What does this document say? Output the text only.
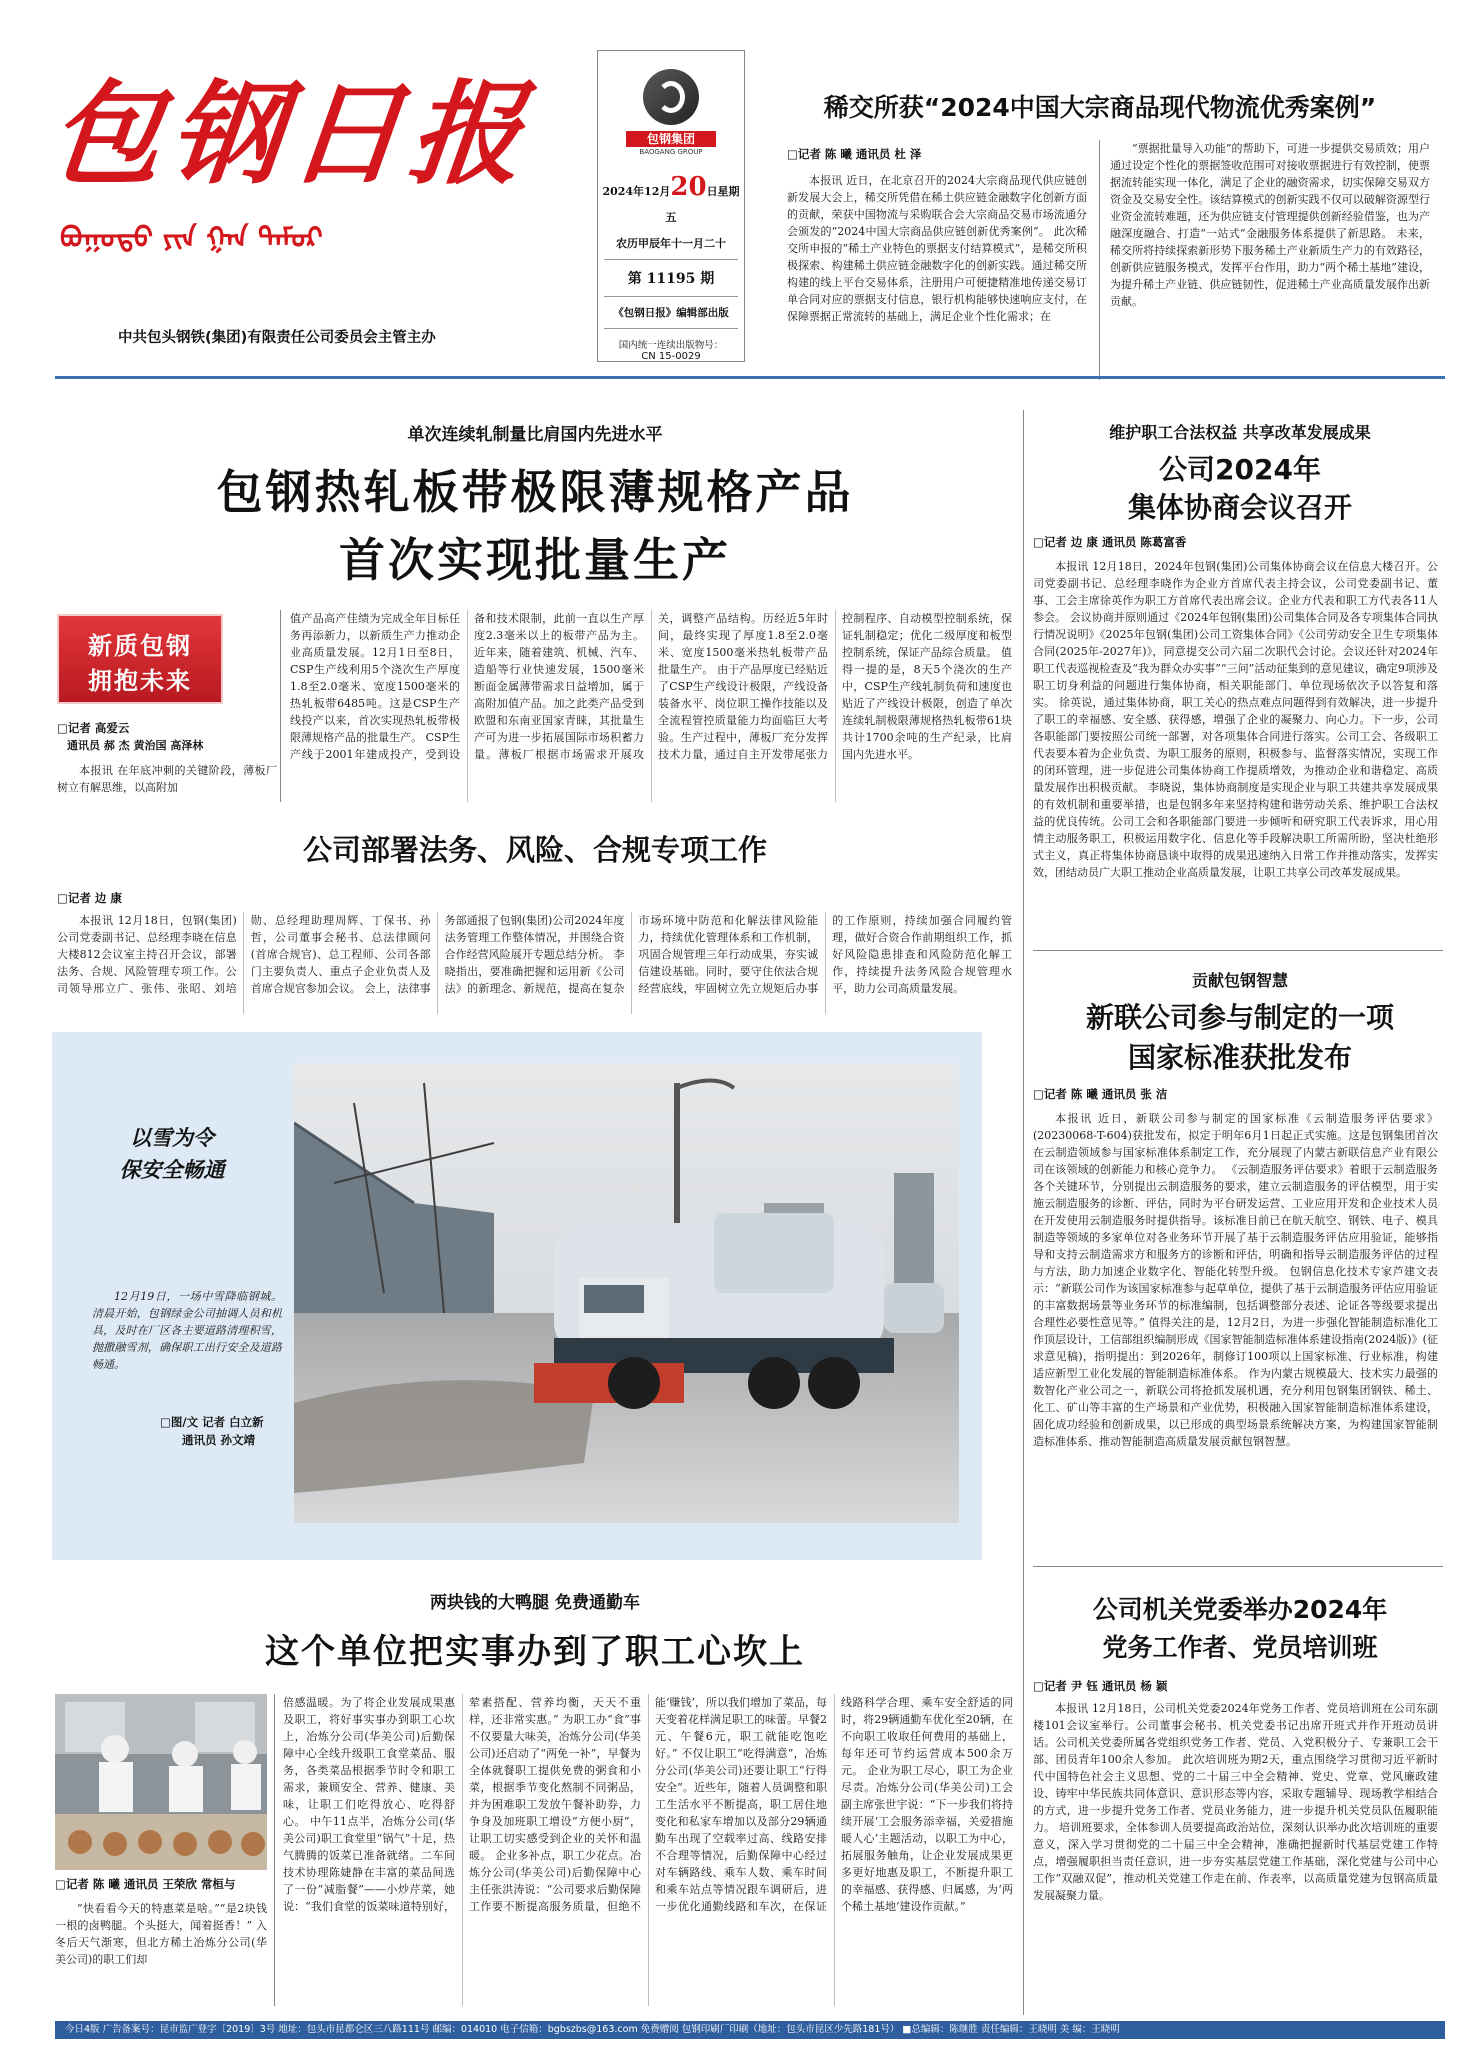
包钢日报
ᠪᠤᠭᠤᠲᠤ ᠶᠢᠨ ᠭᠠᠨ ᠲᠡᠮᠦᠷ
中共包头钢铁(集团)有限责任公司委员会主管主办
包钢集团
BAOGANG GROUP
2024年12月20日星期五
农历甲辰年十一月二十
第 11195 期
《包钢日报》编辑部出版
国内统一连续出版物号：
CN 15-0029
稀交所获“2024中国大宗商品现代物流优秀案例”
□记者 陈 曦 通讯员 杜 泽

本报讯 近日，在北京召开的2024大宗商品现代供应链创新发展大会上，稀交所凭借在稀土供应链金融数字化创新方面的贡献，荣获中国物流与采购联合会大宗商品交易市场流通分会颁发的“2024中国大宗商品供应链创新优秀案例”。 此次稀交所申报的“稀土产业特色的票据支付结算模式”，是稀交所积极探索、构建稀土供应链金融数字化的创新实践。通过稀交所构建的线上平台交易体系，注册用户可便捷精准地传递交易订单合同对应的票据支付信息，银行机构能够快速响应支付，在保障票据正常流转的基础上，满足企业个性化需求；在

“票据批量导入功能”的帮助下，可进一步提供交易质效；用户通过设定个性化的票据签收范围可对接收票据进行有效控制，使票据流转能实现一体化，满足了企业的融资需求，切实保障交易双方资金及交易安全性。该结算模式的创新实践不仅可以破解资源型行业资金流转难题，还为供应链支付管理提供创新经验借鉴，也为产融深度融合、打造“一站式”金融服务体系提供了新思路。 未来，稀交所将持续探索新形势下服务稀土产业新质生产力的有效路径，创新供应链服务模式，发挥平台作用，助力“两个稀土基地”建设，为提升稀土产业链、供应链韧性，促进稀土产业高质量发展作出新贡献。

单次连续轧制量比肩国内先进水平
包钢热轧板带极限薄规格产品
首次实现批量生产
新质包钢
拥抱未来
□记者 高爱云
通讯员 郝 杰 黄治国 高泽林

本报讯 在年底冲刺的关键阶段，薄板厂树立有解思维，以高附加

值产品高产佳绩为完成全年目标任务再添新力，以新质生产力推动企业高质量发展。12月1日至8日，CSP生产线利用5个浇次生产厚度1.8至2.0毫米、宽度1500毫米的热轧板带6485吨。这是CSP生产线投产以来，首次实现热轧板带极限薄规格产品的批量生产。 CSP生产线于2001年建成投产，受到设备和技术限制，此前一直以生产厚度2.3毫米以上的板带产品为主。近年来，随着建筑、机械、汽车、造船等行业快速发展，1500毫米断面金属薄带需求日益增加，属于高附加值产品。加之此类产品受到欧盟和东南亚国家青睐，其批量生产可为进一步拓展国际市场积蓄力量。薄板厂根据市场需求开展攻关，调整产品结构。历经近5年时间，最终实现了厚度1.8至2.0毫米、宽度1500毫米热轧板带产品批量生产。 由于产品厚度已经贴近了CSP生产线设计极限，产线设备装备水平、岗位职工操作技能以及全流程管控质量能力均面临巨大考验。生产过程中，薄板厂充分发挥技术力量，通过自主开发带尾张力控制程序、自动模型控制系统，保证轧制稳定；优化二级厚度和板型控制系统，保证产品综合质量。 值得一提的是，8天5个浇次的生产中，CSP生产线轧制负荷和速度也贴近了产线设计极限，创造了单次连续轧制极限薄规格热轧板带61块共计1700余吨的生产纪录，比肩国内先进水平。

公司部署法务、风险、合规专项工作
□记者 边 康

本报讯 12月18日，包钢(集团)公司党委副书记、总经理李晓在信息大楼812会议室主持召开会议，部署法务、合规、风险管理专项工作。公司领导邢立广、张伟、张昭、刘培勋、总经理助理周辉、丁保书、孙哲，公司董事会秘书、总法律顾问(首席合规官)、总工程师、公司各部门主要负责人、重点子企业负责人及首席合规官参加会议。 会上，法律事务部通报了包钢(集团)公司2024年度法务管理工作整体情况，并围绕合资合作经营风险展开专题总结分析。 李晓指出，要准确把握和运用新《公司法》的新理念、新规范，提高在复杂市场环境中防范和化解法律风险能力，持续优化管理体系和工作机制，巩固合规管理三年行动成果，夯实诚信建设基础。同时，要守住依法合规经营底线，牢固树立先立规矩后办事的工作原则，持续加强合同履约管理，做好合资合作前期组织工作，抓好风险隐患排查和风险防范化解工作，持续提升法务风险合规管理水平，助力公司高质量发展。

以雪为令
保安全畅通

12月19日，一场中雪降临钢城。清晨开始，包钢绿金公司抽调人员和机具，及时在厂区各主要道路清理积雪，抛撒融雪剂，确保职工出行安全及道路畅通。

□图/文 记者 白立新
通讯员 孙文靖
两块钱的大鸭腿 免费通勤车
这个单位把实事办到了职工心坎上
□记者 陈 曦 通讯员 王荣欣 常桓与

“快看看今天的特惠菜是啥。”“是2块钱一根的卤鸭腿。个头挺大，闻着挺香！” 入冬后天气渐寒，但北方稀土冶炼分公司(华美公司)的职工们却

倍感温暖。为了将企业发展成果惠及职工，将好事实事办到职工心坎上，冶炼分公司(华美公司)后勤保障中心全线升级职工食堂菜品、服务，各类菜品根据季节时令和职工需求，兼顾安全、营养、健康、美味，让职工们吃得放心、吃得舒心。 中午11点半，冶炼分公司(华美公司)职工食堂里“锅气”十足，热气腾腾的饭菜已准备就绪。二车间技术协理陈婕静在丰富的菜品间选了一份“减脂餐”——小炒芹菜，她说：“我们食堂的饭菜味道特别好，荤素搭配、营养均衡，天天不重样，还非常实惠。” 为职工办“食”事不仅要量大味美，冶炼分公司(华美公司)还启动了“两免一补”，早餐为全体就餐职工提供免费的粥食和小菜，根据季节变化熬制不同粥品，并为困难职工发放午餐补助券，力争身及加班职工增设“方便小厨”，让职工切实感受到企业的关怀和温暖。 企业多补点，职工少花点。冶炼分公司(华美公司)后勤保障中心主任张洪涛说：“公司要求后勤保障工作要不断提高服务质量，但绝不能‘赚钱’，所以我们增加了菜品，每天变着花样满足职工的味蕾。早餐2元、午餐6元，职工就能吃饱吃好。” 不仅让职工“吃得满意”，冶炼分公司(华美公司)还要让职工“行得安全”。近些年，随着人员调整和职工生活水平不断提高，职工居住地变化和私家车增加以及部分29辆通勤车出现了空载率过高、线路安排不合理等情况，后勤保障中心经过对车辆路线、乘车人数、乘车时间和乘车站点等情况跟车调研后，进一步优化通勤线路和车次，在保证线路科学合理、乘车安全舒适的同时，将29辆通勤车优化至20辆，在不向职工收取任何费用的基础上，每年还可节约运营成本500余万元。 企业为职工尽心，职工为企业尽责。冶炼分公司(华美公司)工会副主席张世宇说：“下一步我们将持续开展‘工会服务添幸福，关爱措施暖人心’主题活动，以职工为中心，拓展服务触角，让企业发展成果更多更好地惠及职工，不断提升职工的幸福感、获得感、归属感，为‘两个稀土基地’建设作贡献。”

维护职工合法权益 共享改革发展成果
公司2024年
集体协商会议召开
□记者 边 康 通讯员 陈葛富香

本报讯 12月18日，2024年包钢(集团)公司集体协商会议在信息大楼召开。公司党委副书记、总经理李晓作为企业方首席代表主持会议，公司党委副书记、董事、工会主席徐英作为职工方首席代表出席会议。企业方代表和职工方代表各11人参会。 会议协商并原则通过《2024年包钢(集团)公司集体合同及各专项集体合同执行情况说明》《2025年包钢(集团)公司工资集体合同》《公司劳动安全卫生专项集体合同(2025年-2027年)》，同意提交公司六届二次职代会讨论。会议还针对2024年职工代表巡视检查及“我为群众办实事”“三问”活动征集到的意见建议，确定9项涉及职工切身利益的问题进行集体协商，相关职能部门、单位现场依次予以答复和落实。 徐英说，通过集体协商，职工关心的热点难点问题得到有效解决，进一步提升了职工的幸福感、安全感、获得感，增强了企业的凝聚力、向心力。下一步，公司各职能部门要按照公司统一部署，对各项集体合同进行落实。公司工会、各级职工代表要本着为企业负责、为职工服务的原则，积极参与、监督落实情况，实现工作的闭环管理，进一步促进公司集体协商工作提质增效，为推动企业和谐稳定、高质量发展作出积极贡献。 李晓说，集体协商制度是实现企业与职工共建共享发展成果的有效机制和重要举措，也是包钢多年来坚持构建和谐劳动关系、维护职工合法权益的优良传统。公司工会和各职能部门要进一步倾听和研究职工代表诉求，用心用情主动服务职工，积极运用数字化、信息化等手段解决职工所需所盼，坚决杜绝形式主义，真正将集体协商恳谈中取得的成果迅速纳入日常工作并推动落实，发挥实效，团结动员广大职工推动企业高质量发展，让职工共享公司改革发展成果。

贡献包钢智慧
新联公司参与制定的一项
国家标准获批发布
□记者 陈 曦 通讯员 张 洁

本报讯 近日，新联公司参与制定的国家标准《云制造服务评估要求》(20230068-T-604)获批发布，拟定于明年6月1日起正式实施。这是包钢集团首次在云制造领域参与国家标准体系制定工作，充分展现了内蒙古新联信息产业有限公司在该领域的创新能力和核心竞争力。 《云制造服务评估要求》着眼于云制造服务各个关键环节，分别提出云制造服务的要求，建立云制造服务的评估模型，用于实施云制造服务的诊断、评估，同时为平台研发运营、工业应用开发和企业技术人员在开发使用云制造服务时提供指导。该标准目前已在航天航空、钢铁、电子、模具制造等领域的多家单位对各业务环节开展了基于云制造服务评估应用验证，能够指导和支持云制造需求方和服务方的诊断和评估，明确和指导云制造服务评估的过程与方法，助力加速企业数字化、智能化转型升级。 包钢信息化技术专家芦建文表示：“新联公司作为该国家标准参与起草单位，提供了基于云制造服务评估应用验证的丰富数据场景等业务环节的标准编制，包括调整部分表述、论证各等级要求提出合理性必要性意见等。” 值得关注的是，12月2日，为进一步强化智能制造标准化工作顶层设计，工信部组织编制形成《国家智能制造标准体系建设指南(2024版)》(征求意见稿)，指明提出：到2026年，制修订100项以上国家标准、行业标准，构建适应新型工业化发展的智能制造标准体系。 作为内蒙古规模最大、技术实力最强的数智化产业公司之一，新联公司将抢抓发展机遇，充分利用包钢集团钢铁、稀土、化工、矿山等丰富的生产场景和产业优势，积极融入国家智能制造标准体系建设，固化成功经验和创新成果，以已形成的典型场景系统解决方案，为构建国家智能制造标准体系、推动智能制造高质量发展贡献包钢智慧。

公司机关党委举办2024年
党务工作者、党员培训班
□记者 尹 钰 通讯员 杨 颖

本报讯 12月18日，公司机关党委2024年党务工作者、党员培训班在公司东副楼101会议室举行。公司董事会秘书、机关党委书记出席开班式并作开班动员讲话。公司机关党委所属各党组织党务工作者、党员、入党积极分子、专兼职工会干部、团员青年100余人参加。 此次培训班为期2天，重点围绕学习贯彻习近平新时代中国特色社会主义思想、党的二十届三中全会精神、党史、党章、党风廉政建设、铸牢中华民族共同体意识、意识形态等内容，采取专题辅导、现场教学相结合的方式，进一步提升党务工作者、党员业务能力，进一步提升机关党员队伍履职能力。 培训班要求，全体参训人员要提高政治站位，深刻认识举办此次培训班的重要意义，深入学习贯彻党的二十届三中全会精神，准确把握新时代基层党建工作特点，增强履职担当责任意识，进一步夯实基层党建工作基础，深化党建与公司中心工作“双融双促”，推动机关党建工作走在前、作表率，以高质量党建为包钢高质量发展凝聚力量。

今日4版 广告备案号：昆市监广登字〔2019〕3号 地址：包头市昆都仑区三八路111号 邮编：014010 电子信箱：bgbszbs@163.com 免费赠阅 包钢印刷厂印刷（地址：包头市昆区少先路181号） ■总编辑：陈继胜 责任编辑：王晓明 美 编：王晓明
